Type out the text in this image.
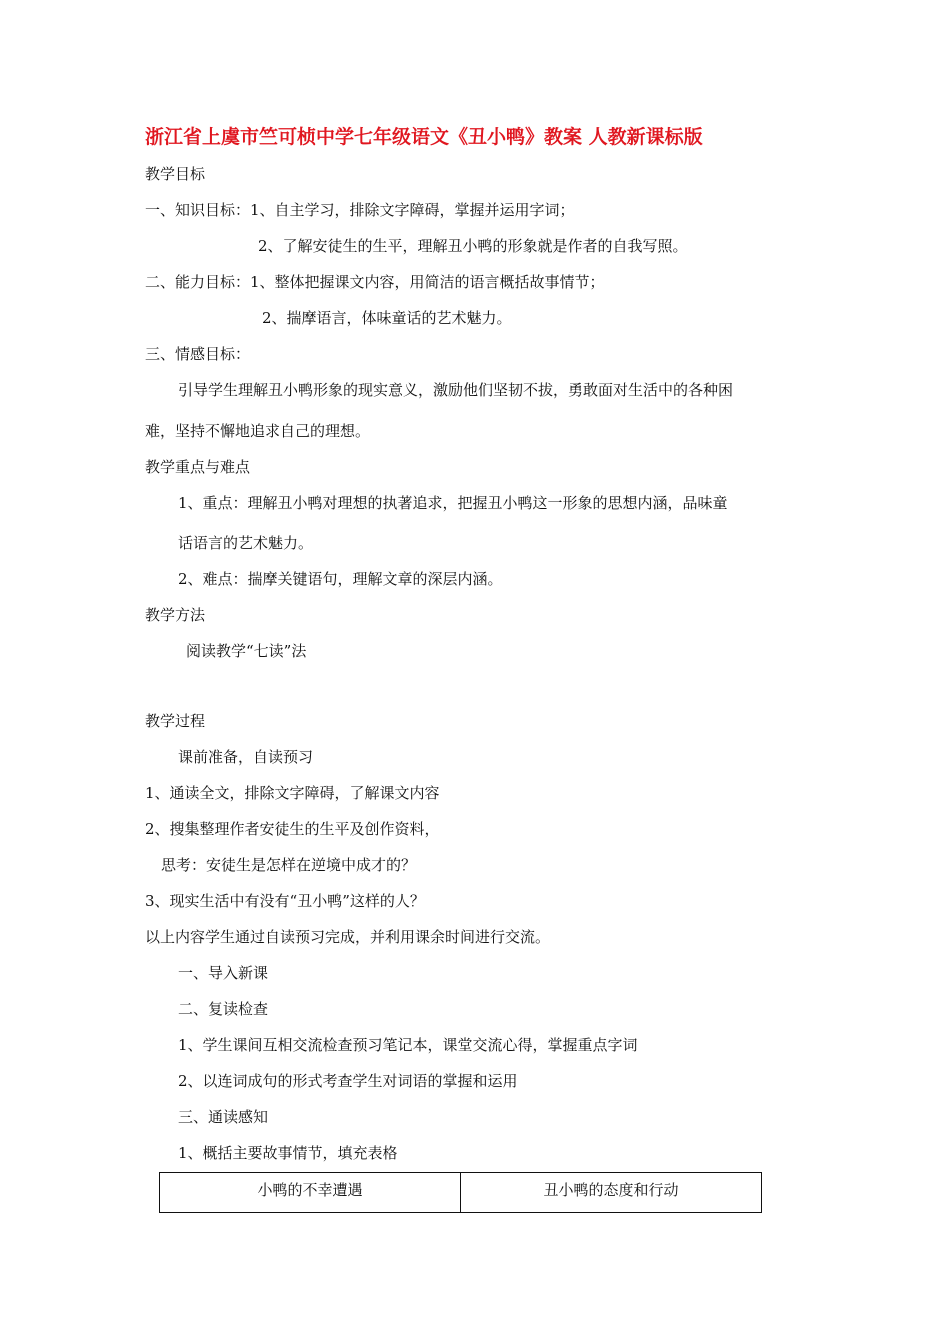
浙江省上虞市竺可桢中学七年级语文《丑小鸭》教案 人教新课标版
教学目标
一、知识目标：1、自主学习，排除文字障碍，掌握并运用字词；
2、了解安徒生的生平，理解丑小鸭的形象就是作者的自我写照。
二、能力目标：1、整体把握课文内容，用简洁的语言概括故事情节；
2、揣摩语言，体味童话的艺术魅力。
三、情感目标：
引导学生理解丑小鸭形象的现实意义，激励他们坚韧不拔，勇敢面对生活中的各种困
难，坚持不懈地追求自己的理想。
教学重点与难点
1、重点：理解丑小鸭对理想的执著追求，把握丑小鸭这一形象的思想内涵，品味童
话语言的艺术魅力。
2、难点：揣摩关键语句，理解文章的深层内涵。
教学方法
阅读教学“七读”法
教学过程
课前准备，自读预习
1、通读全文，排除文字障碍，了解课文内容
2、搜集整理作者安徒生的生平及创作资料，
思考：安徒生是怎样在逆境中成才的？
3、现实生活中有没有“丑小鸭”这样的人？
以上内容学生通过自读预习完成，并利用课余时间进行交流。
一、导入新课
二、复读检查
1、学生课间互相交流检查预习笔记本，课堂交流心得，掌握重点字词
2、以连词成句的形式考查学生对词语的掌握和运用
三、通读感知
1、概括主要故事情节，填充表格
小鸭的不幸遭遇	丑小鸭的态度和行动
